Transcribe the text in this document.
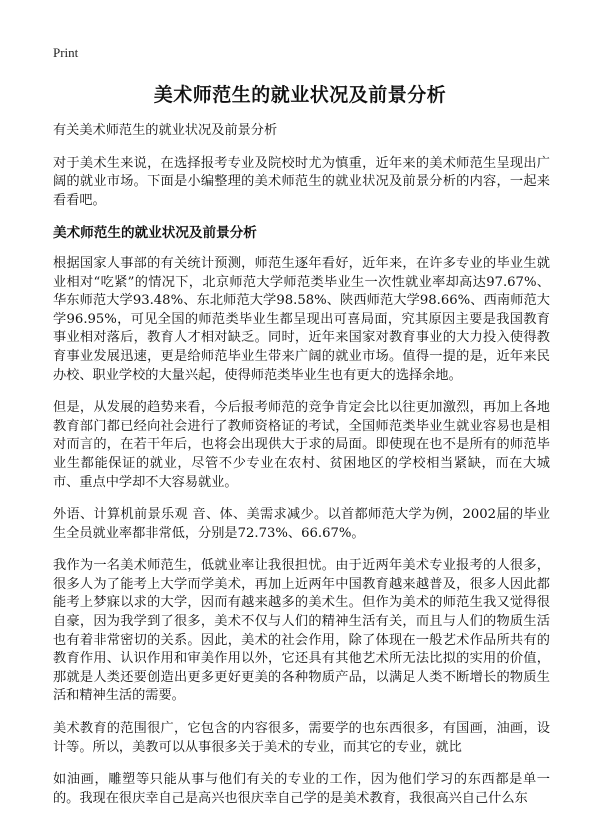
Print
美术师范生的就业状况及前景分析
有关美术师范生的就业状况及前景分析
对于美术生来说，在选择报考专业及院校时尤为慎重，近年来的美术师范生呈现出广阔的就业市场。下面是小编整理的美术师范生的就业状况及前景分析的内容，一起来看看吧。
美术师范生的就业状况及前景分析
根据国家人事部的有关统计预测，师范生逐年看好，近年来，在许多专业的毕业生就业相对“吃紧”的情况下，北京师范大学师范类毕业生一次性就业率却高达97.67%、华东师范大学93.48%、东北师范大学98.58%、陕西师范大学98.66%、西南师范大学96.95%，可见全国的师范类毕业生都呈现出可喜局面，究其原因主要是我国教育事业相对落后，教育人才相对缺乏。同时，近年来国家对教育事业的大力投入使得教育事业发展迅速，更是给师范毕业生带来广阔的就业市场。值得一提的是，近年来民办校、职业学校的大量兴起，使得师范类毕业生也有更大的选择余地。
但是，从发展的趋势来看，今后报考师范的竞争肯定会比以往更加激烈，再加上各地教育部门都已经向社会进行了教师资格证的考试，全国师范类毕业生就业容易也是相对而言的，在若干年后，也将会出现供大于求的局面。即使现在也不是所有的师范毕业生都能保证的就业，尽管不少专业在农村、贫困地区的学校相当紧缺，而在大城市、重点中学却不大容易就业。
外语、计算机前景乐观 音、体、美需求减少。以首都师范大学为例，2002届的毕业生全员就业率都非常低，分别是72.73%、66.67%。
我作为一名美术师范生，低就业率让我很担忧。由于近两年美术专业报考的人很多，很多人为了能考上大学而学美术，再加上近两年中国教育越来越普及，很多人因此都能考上梦寐以求的大学，因而有越来越多的美术生。但作为美术的师范生我又觉得很自豪，因为我学到了很多，美术不仅与人们的精神生活有关，而且与人们的物质生活也有着非常密切的关系。因此，美术的社会作用，除了体现在一般艺术作品所共有的教育作用、认识作用和审美作用以外，它还具有其他艺术所无法比拟的实用的价值，那就是人类还要创造出更多更好更美的各种物质产品，以满足人类不断增长的物质生活和精神生活的需要。
美术教育的范围很广，它包含的内容很多，需要学的也东西很多，有国画，油画，设计等。所以，美教可以从事很多关于美术的专业，而其它的专业，就比
如油画，雕塑等只能从事与他们有关的专业的工作，因为他们学习的东西都是单一的。我现在很庆幸自己是高兴也很庆幸自己学的是美术教育，我很高兴自己什么东
